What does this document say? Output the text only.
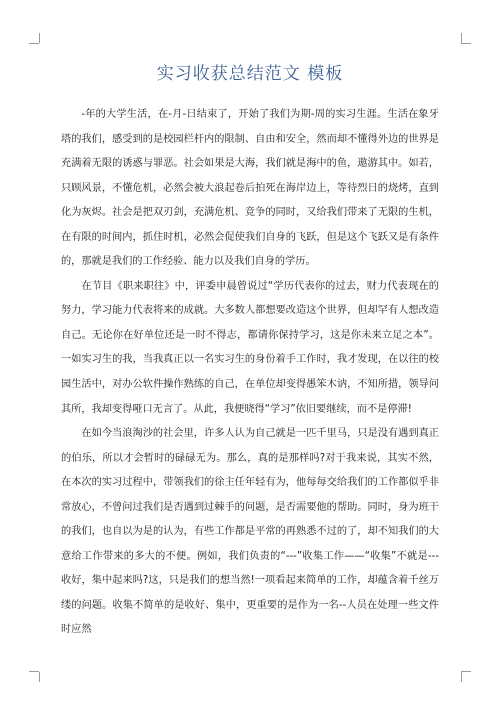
实习收获总结范文 模板

-年的大学生活，在-月-日结束了，开始了我们为期-周的实习生涯。生活在象牙塔的我们，感受到的是校园栏杆内的限制、自由和安全，然而却不懂得外边的世界是充满着无限的诱惑与罪恶。社会如果是大海，我们就是海中的鱼，遨游其中。如若，只顾风景，不懂危机，必然会被大浪起卷后拍死在海岸边上，等待烈日的烧烤，直到化为灰烬。社会是把双刃剑，充满危机、竞争的同时，又给我们带来了无限的生机，在有限的时间内，抓住时机，必然会促使我们自身的飞跃，但是这个飞跃又是有条件的，那就是我们的工作经验、能力以及我们自身的学历。

在节目《职来职往》中，评委申晨曾说过“学历代表你的过去，财力代表现在的努力，学习能力代表将来的成就。大多数人都想要改造这个世界，但却罕有人想改造自己。无论你在好单位还是一时不得志，都请你保持学习，这是你未来立足之本”。一如实习生的我，当我真正以一名实习生的身份着手工作时，我才发现，在以往的校园生活中，对办公软件操作熟练的自己，在单位却变得愚笨木讷，不知所措，领导问其所，我却变得哑口无言了。从此，我便晓得“学习”依旧要继续，而不是停滞!

在如今当浪淘沙的社会里，许多人认为自己就是一匹千里马，只是没有遇到真正的伯乐，所以才会暂时的碌碌无为。那么，真的是那样吗?对于我来说，其实不然，在本次的实习过程中，带领我们的徐主任年轻有为，他每每交给我们的工作都似乎非常放心，不曾问过我们是否遇到过棘手的问题，是否需要他的帮助。同时，身为班干的我们，也自以为是的认为，有些工作都是平常的再熟悉不过的了，却不知我们的大意给工作带来的多大的不便。例如，我们负责的“---”收集工作——“收集”不就是---收好，集中起来吗?这，只是我们的想当然!一项看起来简单的工作，却蕴含着千丝万缕的问题。收集不简单的是收好、集中，更重要的是作为一名--人员在处理一些文件时应然
